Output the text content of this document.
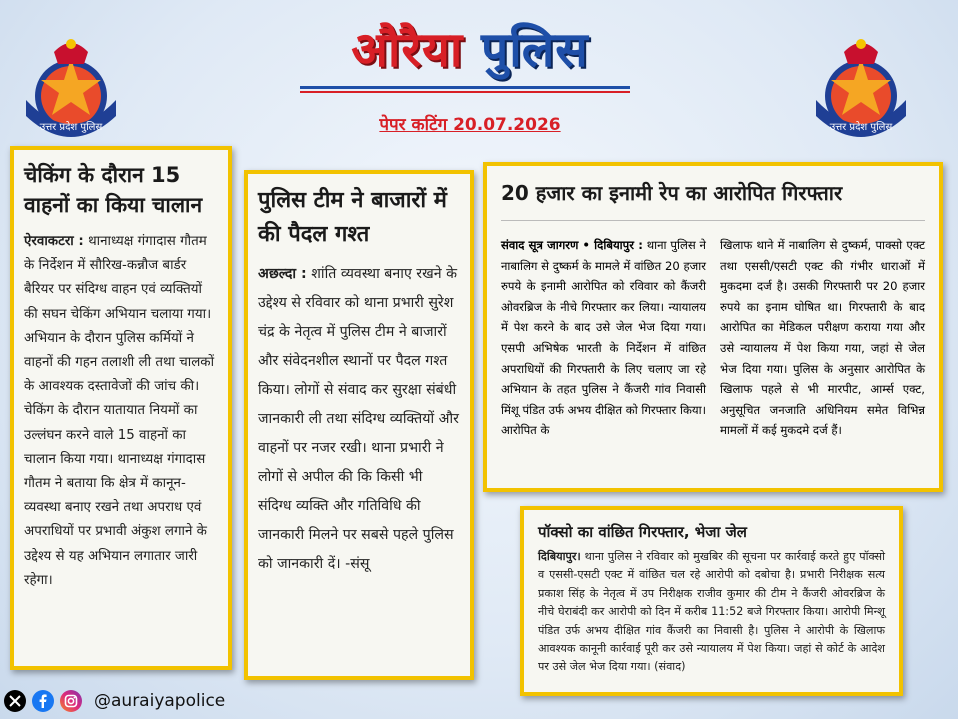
उत्तर प्रदेश पुलिस	उत्तर प्रदेश पुलिस
औरैया पुलिस
पेपर कटिंग 20.07.2026
चेकिंग के दौरान 15 वाहनों का किया चालान
ऐरवाकटरा : थानाध्यक्ष गंगादास गौतम के निर्देशन में सौरिख-कन्नौज बार्डर बैरियर पर संदिग्ध वाहन एवं व्यक्तियों की सघन चेकिंग अभियान चलाया गया। अभियान के दौरान पुलिस कर्मियों ने वाहनों की गहन तलाशी ली तथा चालकों के आवश्यक दस्तावेजों की जांच की। चेकिंग के दौरान यातायात नियमों का उल्लंघन करने वाले 15 वाहनों का चालान किया गया। थानाध्यक्ष गंगादास गौतम ने बताया कि क्षेत्र में कानून-व्यवस्था बनाए रखने तथा अपराध एवं अपराधियों पर प्रभावी अंकुश लगाने के उद्देश्य से यह अभियान लगातार जारी रहेगा।
पुलिस टीम ने बाजारों में की पैदल गश्त
अछल्दा : शांति व्यवस्था बनाए रखने के उद्देश्य से रविवार को थाना प्रभारी सुरेश चंद्र के नेतृत्व में पुलिस टीम ने बाजारों और संवेदनशील स्थानों पर पैदल गश्त किया। लोगों से संवाद कर सुरक्षा संबंधी जानकारी ली तथा संदिग्ध व्यक्तियों और वाहनों पर नजर रखी। थाना प्रभारी ने लोगों से अपील की कि किसी भी संदिग्ध व्यक्ति और गतिविधि की जानकारी मिलने पर सबसे पहले पुलिस को जानकारी दें। -संसू
20 हजार का इनामी रेप का आरोपित गिरफ्तार
संवाद सूत्र जागरण • दिबियापुर : थाना पुलिस ने नाबालिग से दुष्कर्म के मामले में वांछित 20 हजार रुपये के इनामी आरोपित को रविवार को कैंजरी ओवरब्रिज के नीचे गिरफ्तार कर लिया। न्यायालय में पेश करने के बाद उसे जेल भेज दिया गया। एसपी अभिषेक भारती के निर्देशन में वांछित अपराधियों की गिरफ्तारी के लिए चलाए जा रहे अभियान के तहत पुलिस ने कैंजरी गांव निवासी मिंशू पंडित उर्फ अभय दीक्षित को गिरफ्तार किया। आरोपित के
खिलाफ थाने में नाबालिग से दुष्कर्म, पाक्सो एक्ट तथा एससी/एसटी एक्ट की गंभीर धाराओं में मुकदमा दर्ज है। उसकी गिरफ्तारी पर 20 हजार रुपये का इनाम घोषित था। गिरफ्तारी के बाद आरोपित का मेडिकल परीक्षण कराया गया और उसे न्यायालय में पेश किया गया, जहां से जेल भेज दिया गया। पुलिस के अनुसार आरोपित के खिलाफ पहले से भी मारपीट, आर्म्स एक्ट, अनुसूचित जनजाति अधिनियम समेत विभिन्न मामलों में कई मुकदमे दर्ज हैं।
पॉक्सो का वांछित गिरफ्तार, भेजा जेल
दिबियापुर। थाना पुलिस ने रविवार को मुखबिर की सूचना पर कार्रवाई करते हुए पॉक्सो व एससी-एसटी एक्ट में वांछित चल रहे आरोपी को दबोचा है। प्रभारी निरीक्षक सत्य प्रकाश सिंह के नेतृत्व में उप निरीक्षक राजीव कुमार की टीम ने कैंजरी ओवरब्रिज के नीचे घेराबंदी कर आरोपी को दिन में करीब 11:52 बजे गिरफ्तार किया। आरोपी मिन्शू पंडित उर्फ अभय दीक्षित गांव कैंजरी का निवासी है। पुलिस ने आरोपी के खिलाफ आवश्यक कानूनी कार्रवाई पूरी कर उसे न्यायालय में पेश किया। जहां से कोर्ट के आदेश पर उसे जेल भेज दिया गया। (संवाद)
@auraiyapolice
